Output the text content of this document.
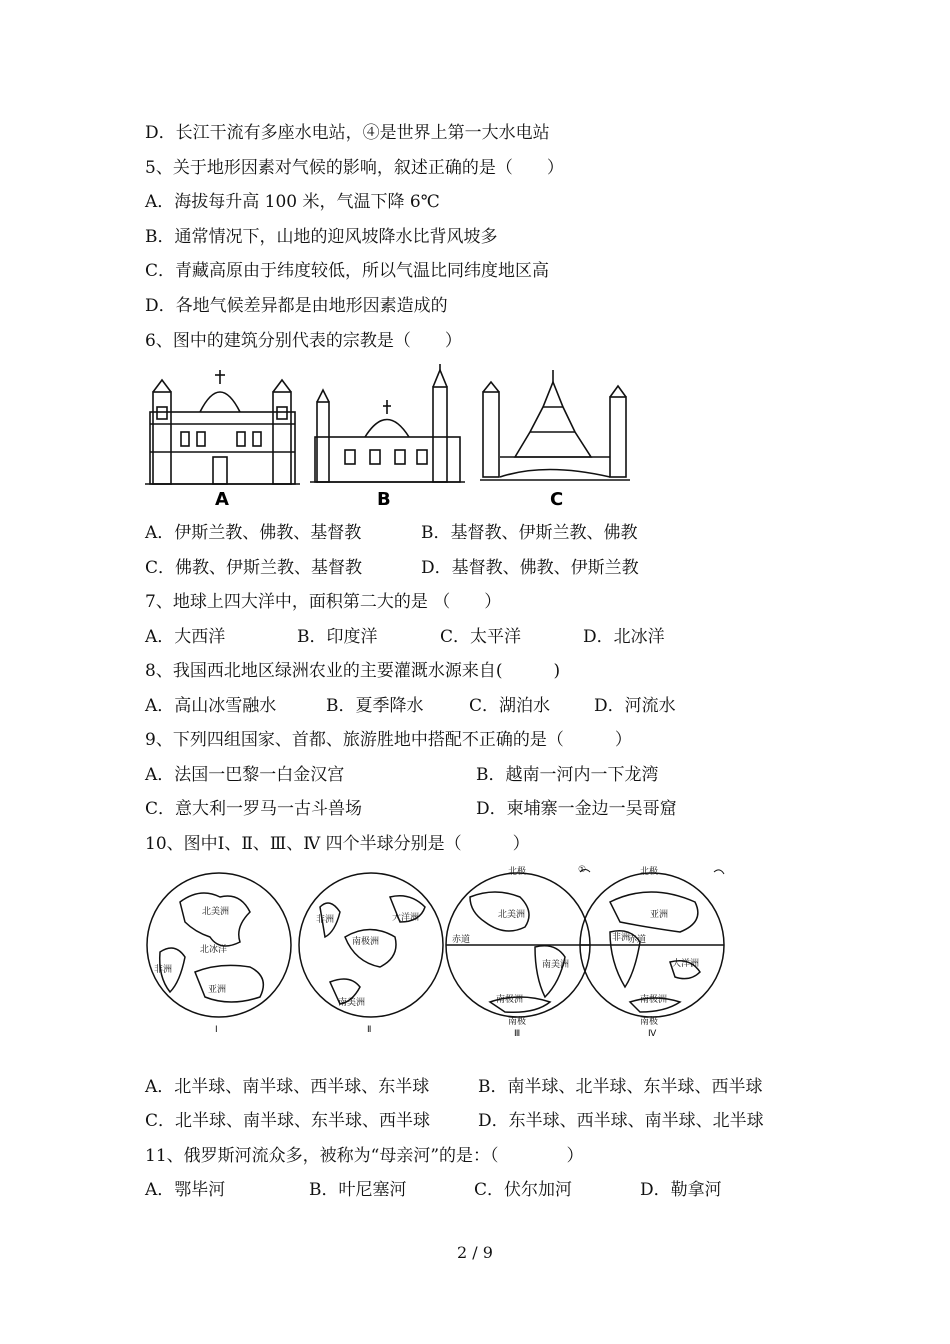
D．长江干流有多座水电站，④是世界上第一大水电站
5、关于地形因素对气候的影响，叙述正确的是（　　）
A．海拔每升高 100 米，气温下降 6℃
B．通常情况下，山地的迎风坡降水比背风坡多
C．青藏高原由于纬度较低，所以气温比同纬度地区高
D．各地气候差异都是由地形因素造成的
6、图中的建筑分别代表的宗教是（　　）
A	B	C
A．伊斯兰教、佛教、基督教	B．基督教、伊斯兰教、佛教
C．佛教、伊斯兰教、基督教	D．基督教、佛教、伊斯兰教
7、地球上四大洋中，面积第二大的是 （　　）
A．大西洋	B．印度洋	C．太平洋	D．北冰洋
8、我国西北地区绿洲农业的主要灌溉水源来自(　　　)
A．高山冰雪融水	B．夏季降水	C．湖泊水	D．河流水
9、下列四组国家、首都、旅游胜地中搭配不正确的是（　　　）
A．法国一巴黎一白金汉宫	B．越南一河内一下龙湾
C．意大利一罗马一古斗兽场	D．柬埔寨一金边一吴哥窟
10、图中Ⅰ、Ⅱ、Ⅲ、Ⅳ 四个半球分别是（　　　）
北美洲
北冰洋
非洲
亚洲
Ⅰ
非洲	大洋洲
南极洲
南美洲
Ⅱ
北极
北美洲
赤道
南美洲
南极洲
南极
Ⅲ
北极
亚洲
非洲
赤道
大洋洲
南极洲
南极
Ⅳ
①
A．北半球、南半球、西半球、东半球	B．南半球、北半球、东半球、西半球
C．北半球、南半球、东半球、西半球	D．东半球、西半球、南半球、北半球
11、俄罗斯河流众多，被称为“母亲河”的是：（　　　　）
A．鄂毕河	B．叶尼塞河	C．伏尔加河	D．勒拿河
2 / 9
